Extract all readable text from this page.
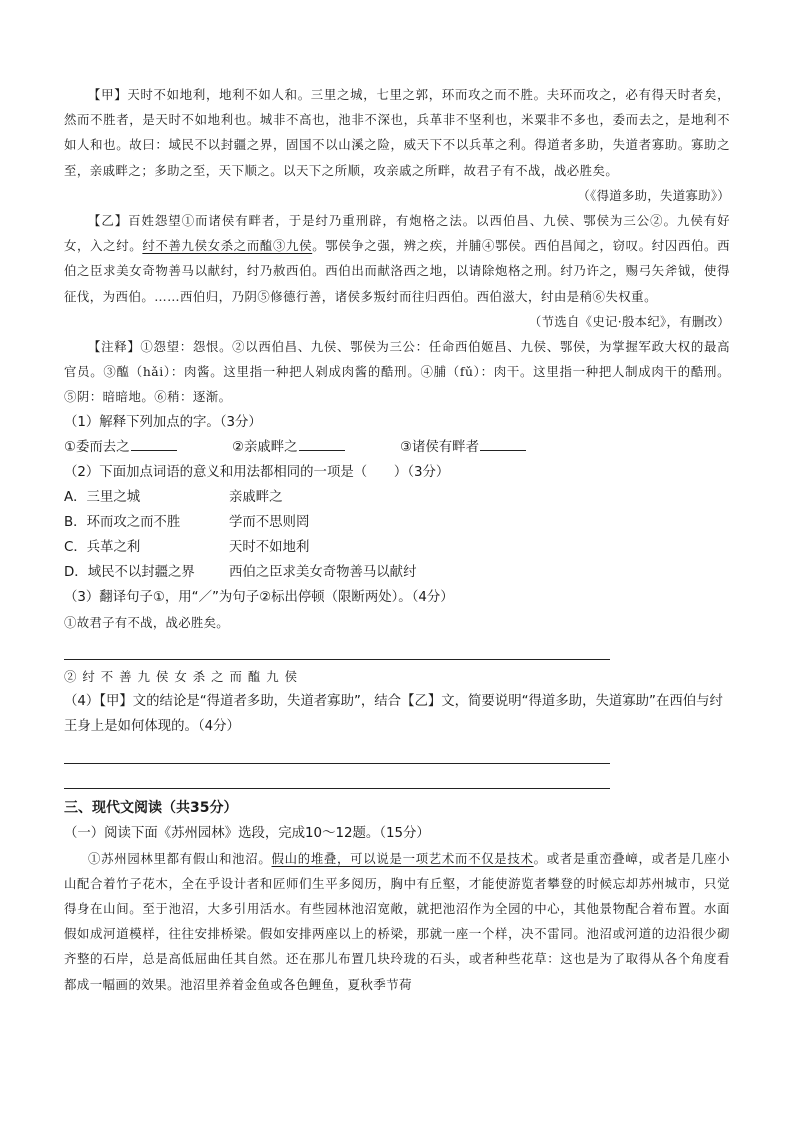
【甲】天时不如地利，地利不如人和。三里之城，七里之郭，环而攻之而不胜。夫环而攻之，必有得天时者矣，然而不胜者，是天时不如地利也。城非不高也，池非不深也，兵革非不坚利也，米粟非不多也，委而去之，是地利不如人和也。故曰：域民不以封疆之界，固国不以山溪之险，威天下不以兵革之利。得道者多助，失道者寡助。寡助之至，亲戚畔之；多助之至，天下顺之。以天下之所顺，攻亲戚之所畔，故君子有不战，战必胜矣。

（《得道多助，失道寡助》）

【乙】百姓怨望①而诸侯有畔者，于是纣乃重刑辟，有炮格之法。以西伯昌、九侯、鄂侯为三公②。九侯有好女，入之纣。纣不善九侯女杀之而醢③九侯。鄂侯争之强，辨之疾，并脯④鄂侯。西伯昌闻之，窃叹。纣囚西伯。西伯之臣求美女奇物善马以献纣，纣乃赦西伯。西伯出而献洛西之地，以请除炮格之刑。纣乃许之，赐弓矢斧钺，使得征伐，为西伯。……西伯归，乃阴⑤修德行善，诸侯多叛纣而往归西伯。西伯滋大，纣由是稍⑥失权重。

（节选自《史记·殷本纪》，有删改）

【注释】①怨望：怨恨。②以西伯昌、九侯、鄂侯为三公：任命西伯姬昌、九侯、鄂侯，为掌握军政大权的最高官员。③醢（hǎi）：肉酱。这里指一种把人剁成肉酱的酷刑。④脯（fǔ）：肉干。这里指一种把人制成肉干的酷刑。⑤阴：暗暗地。⑥稍：逐渐。

（1）解释下列加点的字。（3分）

①委而去之	②亲戚畔之	③诸侯有畔者

（2）下面加点词语的意义和用法都相同的一项是（　　）（3分）

A．三里之城	亲戚畔之
B．环而攻之而不胜	学而不思则罔
C．兵革之利	天时不如地利
D．域民不以封疆之界	西伯之臣求美女奇物善马以献纣

（3）翻译句子①，用“／”为句子②标出停顿（限断两处）。（4分）

①故君子有不战，战必胜矣。

②纣不善九侯女杀之而醢九侯

（4）【甲】文的结论是“得道者多助，失道者寡助”，结合【乙】文，简要说明“得道多助，失道寡助”在西伯与纣王身上是如何体现的。（4分）

三、现代文阅读（共35分）

（一）阅读下面《苏州园林》选段，完成10～12题。（15分）

①苏州园林里都有假山和池沼。假山的堆叠，可以说是一项艺术而不仅是技术。或者是重峦叠嶂，或者是几座小山配合着竹子花木，全在乎设计者和匠师们生平多阅历，胸中有丘壑，才能使游览者攀登的时候忘却苏州城市，只觉得身在山间。至于池沼，大多引用活水。有些园林池沼宽敞，就把池沼作为全园的中心，其他景物配合着布置。水面假如成河道模样，往往安排桥梁。假如安排两座以上的桥梁，那就一座一个样，决不雷同。池沼或河道的边沿很少砌齐整的石岸，总是高低屈曲任其自然。还在那儿布置几块玲珑的石头，或者种些花草：这也是为了取得从各个角度看都成一幅画的效果。池沼里养着金鱼或各色鲤鱼，夏秋季节荷
